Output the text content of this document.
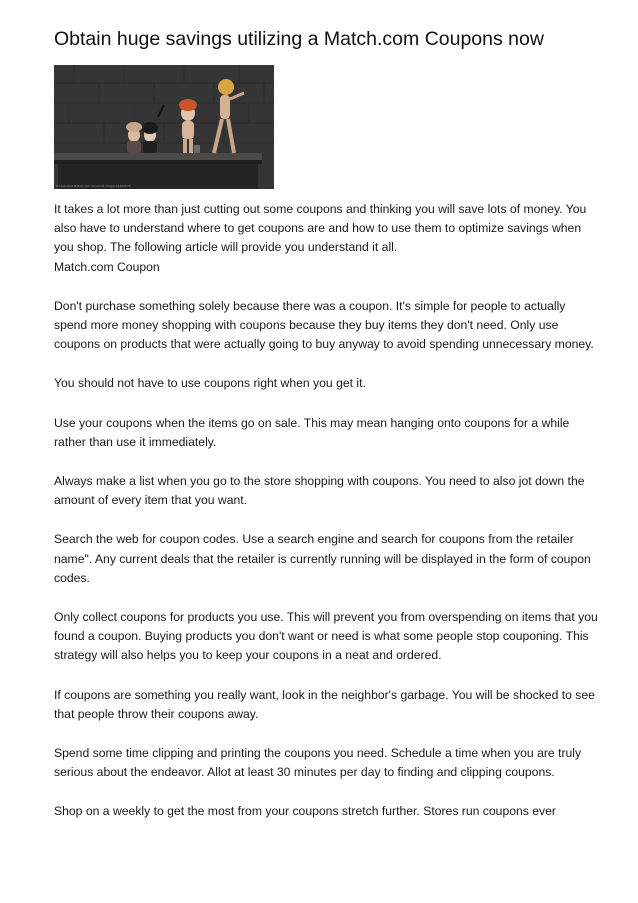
Obtain huge savings utilizing a Match.com Coupons now
Screenshot Match.com Coupons image 1024x576

It takes a lot more than just cutting out some coupons and thinking you will save lots of money. You also have to understand where to get coupons are and how to use them to optimize savings when you shop. The following article will provide you understand it all.
Match.com Coupon

Don't purchase something solely because there was a coupon. It's simple for people to actually spend more money shopping with coupons because they buy items they don't need. Only use coupons on products that were actually going to buy anyway to avoid spending unnecessary money.

You should not have to use coupons right when you get it.

Use your coupons when the items go on sale. This may mean hanging onto coupons for a while rather than use it immediately.

Always make a list when you go to the store shopping with coupons. You need to also jot down the amount of every item that you want.

Search the web for coupon codes. Use a search engine and search for coupons from the retailer name". Any current deals that the retailer is currently running will be displayed in the form of coupon codes.

Only collect coupons for products you use. This will prevent you from overspending on items that you found a coupon. Buying products you don't want or need is what some people stop couponing. This strategy will also helps you to keep your coupons in a neat and ordered.

If coupons are something you really want, look in the neighbor's garbage. You will be shocked to see that people throw their coupons away.

Spend some time clipping and printing the coupons you need. Schedule a time when you are truly serious about the endeavor. Allot at least 30 minutes per day to finding and clipping coupons.

Shop on a weekly to get the most from your coupons stretch further. Stores run coupons ever
